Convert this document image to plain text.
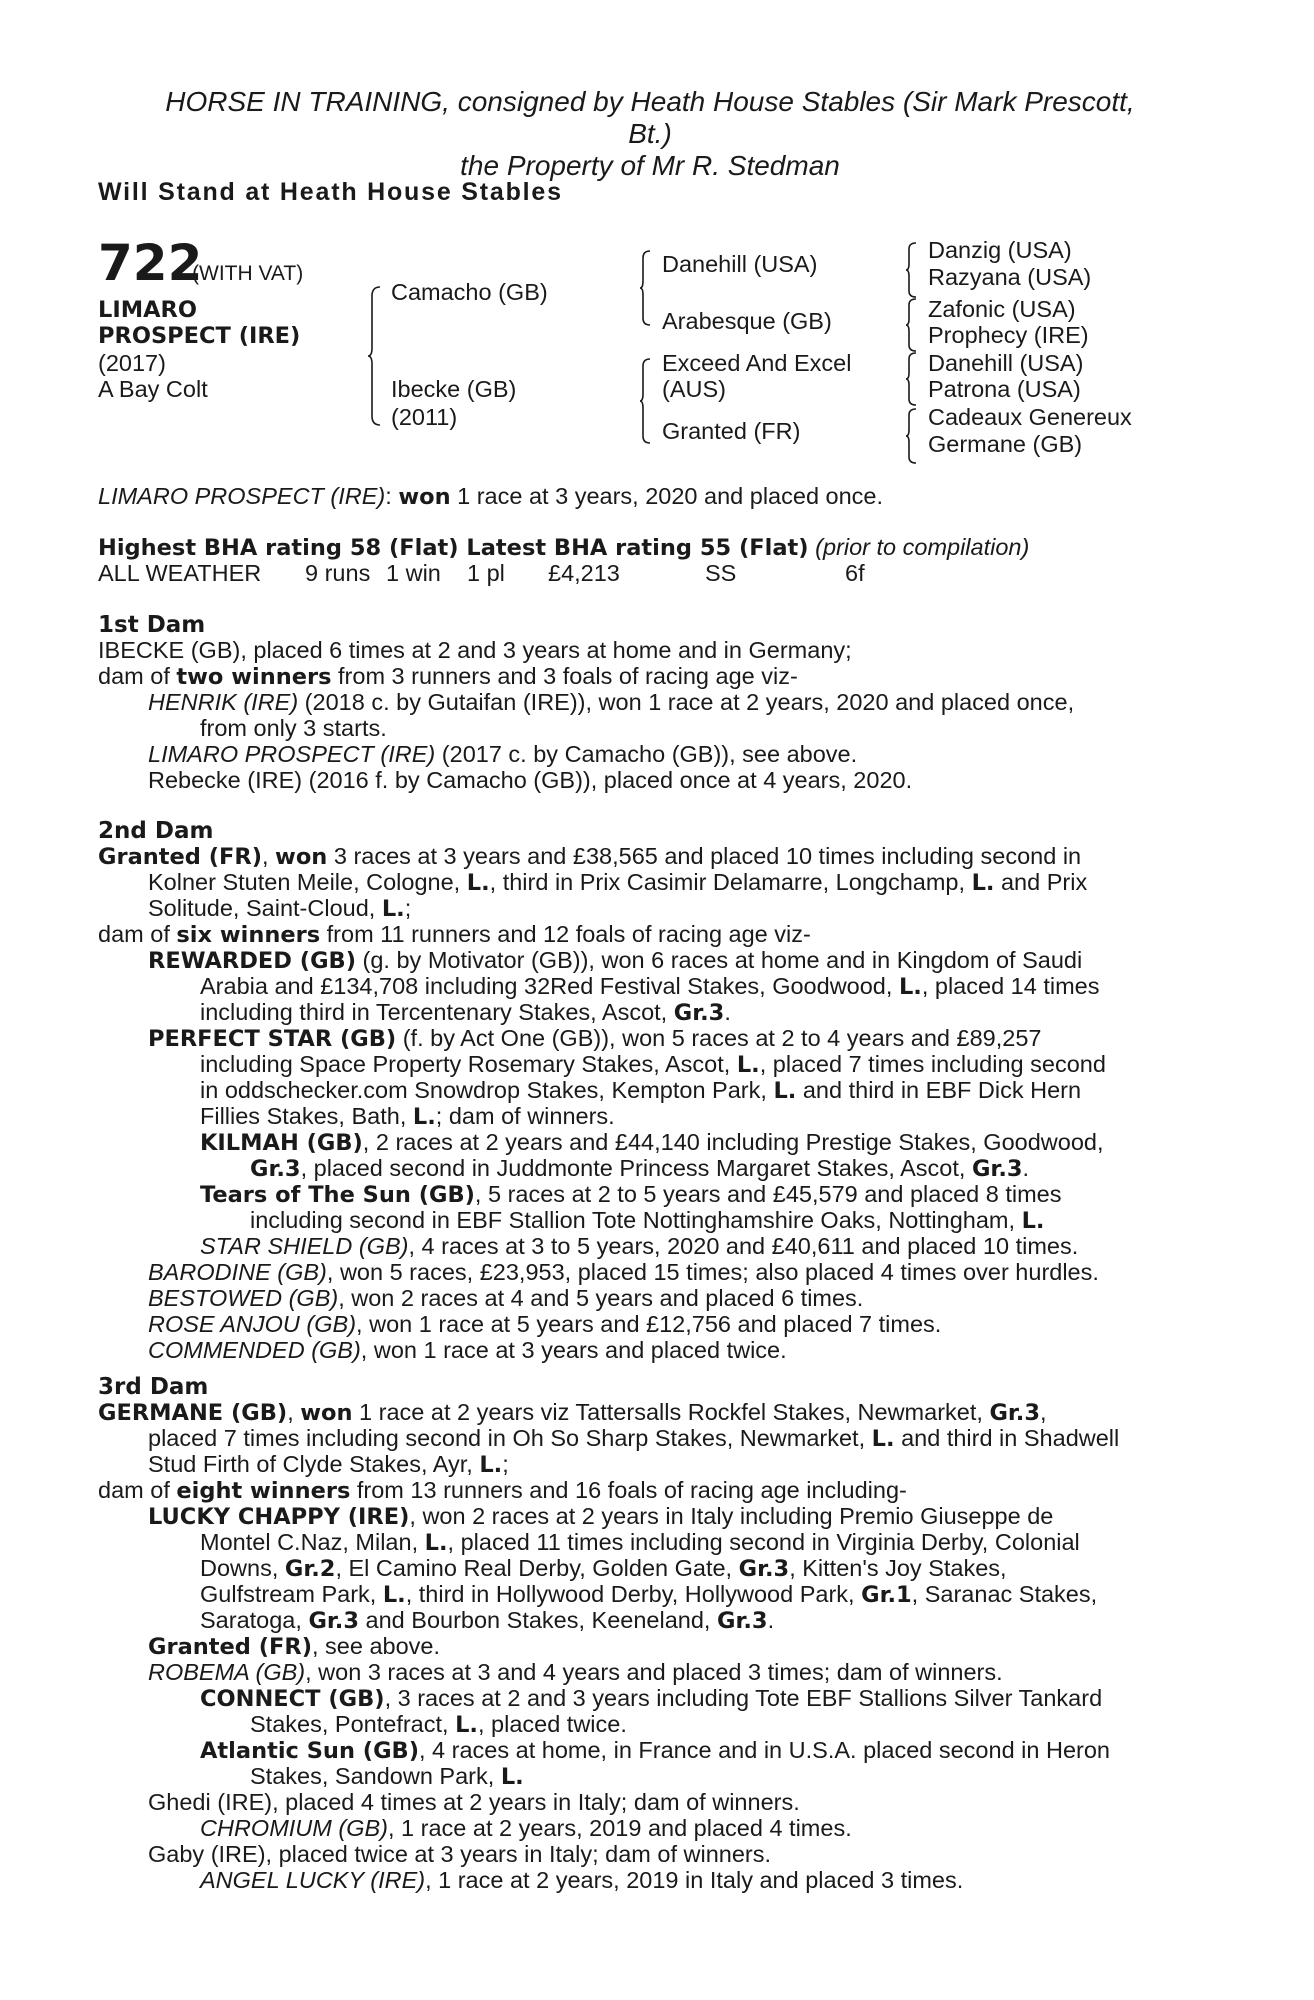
HORSE IN TRAINING, consigned by Heath House Stables (Sir Mark Prescott,
Bt.)
the Property of Mr R. Stedman
Will Stand at Heath House Stables
722
(WITH VAT)
LIMARO
PROSPECT (IRE)
(2017)
A Bay Colt
Camacho (GB)
Ibecke (GB)
(2011)
Danehill (USA)
Arabesque (GB)
Exceed And Excel
(AUS)
Granted (FR)
Danzig (USA)
Razyana (USA)
Zafonic (USA)
Prophecy (IRE)
Danehill (USA)
Patrona (USA)
Cadeaux Genereux
Germane (GB)
LIMARO PROSPECT (IRE): won 1 race at 3 years, 2020 and placed once.
Highest BHA rating 58 (Flat) Latest BHA rating 55 (Flat) (prior to compilation)
ALL WEATHER 9 runs 1 win 1 pl £4,213	SS	6f
1st Dam
IBECKE (GB), placed 6 times at 2 and 3 years at home and in Germany;
dam of two winners from 3 runners and 3 foals of racing age viz-
HENRIK (IRE) (2018 c. by Gutaifan (IRE)), won 1 race at 2 years, 2020 and placed once,
from only 3 starts.
LIMARO PROSPECT (IRE) (2017 c. by Camacho (GB)), see above.
Rebecke (IRE) (2016 f. by Camacho (GB)), placed once at 4 years, 2020.
2nd Dam
Granted (FR), won 3 races at 3 years and £38,565 and placed 10 times including second in
Kolner Stuten Meile, Cologne, L., third in Prix Casimir Delamarre, Longchamp, L. and Prix
Solitude, Saint-Cloud, L.;
dam of six winners from 11 runners and 12 foals of racing age viz-
REWARDED (GB) (g. by Motivator (GB)), won 6 races at home and in Kingdom of Saudi
Arabia and £134,708 including 32Red Festival Stakes, Goodwood, L., placed 14 times
including third in Tercentenary Stakes, Ascot, Gr.3.
PERFECT STAR (GB) (f. by Act One (GB)), won 5 races at 2 to 4 years and £89,257
including Space Property Rosemary Stakes, Ascot, L., placed 7 times including second
in oddschecker.com Snowdrop Stakes, Kempton Park, L. and third in EBF Dick Hern
Fillies Stakes, Bath, L.; dam of winners.
KILMAH (GB), 2 races at 2 years and £44,140 including Prestige Stakes, Goodwood,
Gr.3, placed second in Juddmonte Princess Margaret Stakes, Ascot, Gr.3.
Tears of The Sun (GB), 5 races at 2 to 5 years and £45,579 and placed 8 times
including second in EBF Stallion Tote Nottinghamshire Oaks, Nottingham, L.
STAR SHIELD (GB), 4 races at 3 to 5 years, 2020 and £40,611 and placed 10 times.
BARODINE (GB), won 5 races, £23,953, placed 15 times; also placed 4 times over hurdles.
BESTOWED (GB), won 2 races at 4 and 5 years and placed 6 times.
ROSE ANJOU (GB), won 1 race at 5 years and £12,756 and placed 7 times.
COMMENDED (GB), won 1 race at 3 years and placed twice.
3rd Dam
GERMANE (GB), won 1 race at 2 years viz Tattersalls Rockfel Stakes, Newmarket, Gr.3,
placed 7 times including second in Oh So Sharp Stakes, Newmarket, L. and third in Shadwell
Stud Firth of Clyde Stakes, Ayr, L.;
dam of eight winners from 13 runners and 16 foals of racing age including-
LUCKY CHAPPY (IRE), won 2 races at 2 years in Italy including Premio Giuseppe de
Montel C.Naz, Milan, L., placed 11 times including second in Virginia Derby, Colonial
Downs, Gr.2, El Camino Real Derby, Golden Gate, Gr.3, Kitten's Joy Stakes,
Gulfstream Park, L., third in Hollywood Derby, Hollywood Park, Gr.1, Saranac Stakes,
Saratoga, Gr.3 and Bourbon Stakes, Keeneland, Gr.3.
Granted (FR), see above.
ROBEMA (GB), won 3 races at 3 and 4 years and placed 3 times; dam of winners.
CONNECT (GB), 3 races at 2 and 3 years including Tote EBF Stallions Silver Tankard
Stakes, Pontefract, L., placed twice.
Atlantic Sun (GB), 4 races at home, in France and in U.S.A. placed second in Heron
Stakes, Sandown Park, L.
Ghedi (IRE), placed 4 times at 2 years in Italy; dam of winners.
CHROMIUM (GB), 1 race at 2 years, 2019 and placed 4 times.
Gaby (IRE), placed twice at 3 years in Italy; dam of winners.
ANGEL LUCKY (IRE), 1 race at 2 years, 2019 in Italy and placed 3 times.
